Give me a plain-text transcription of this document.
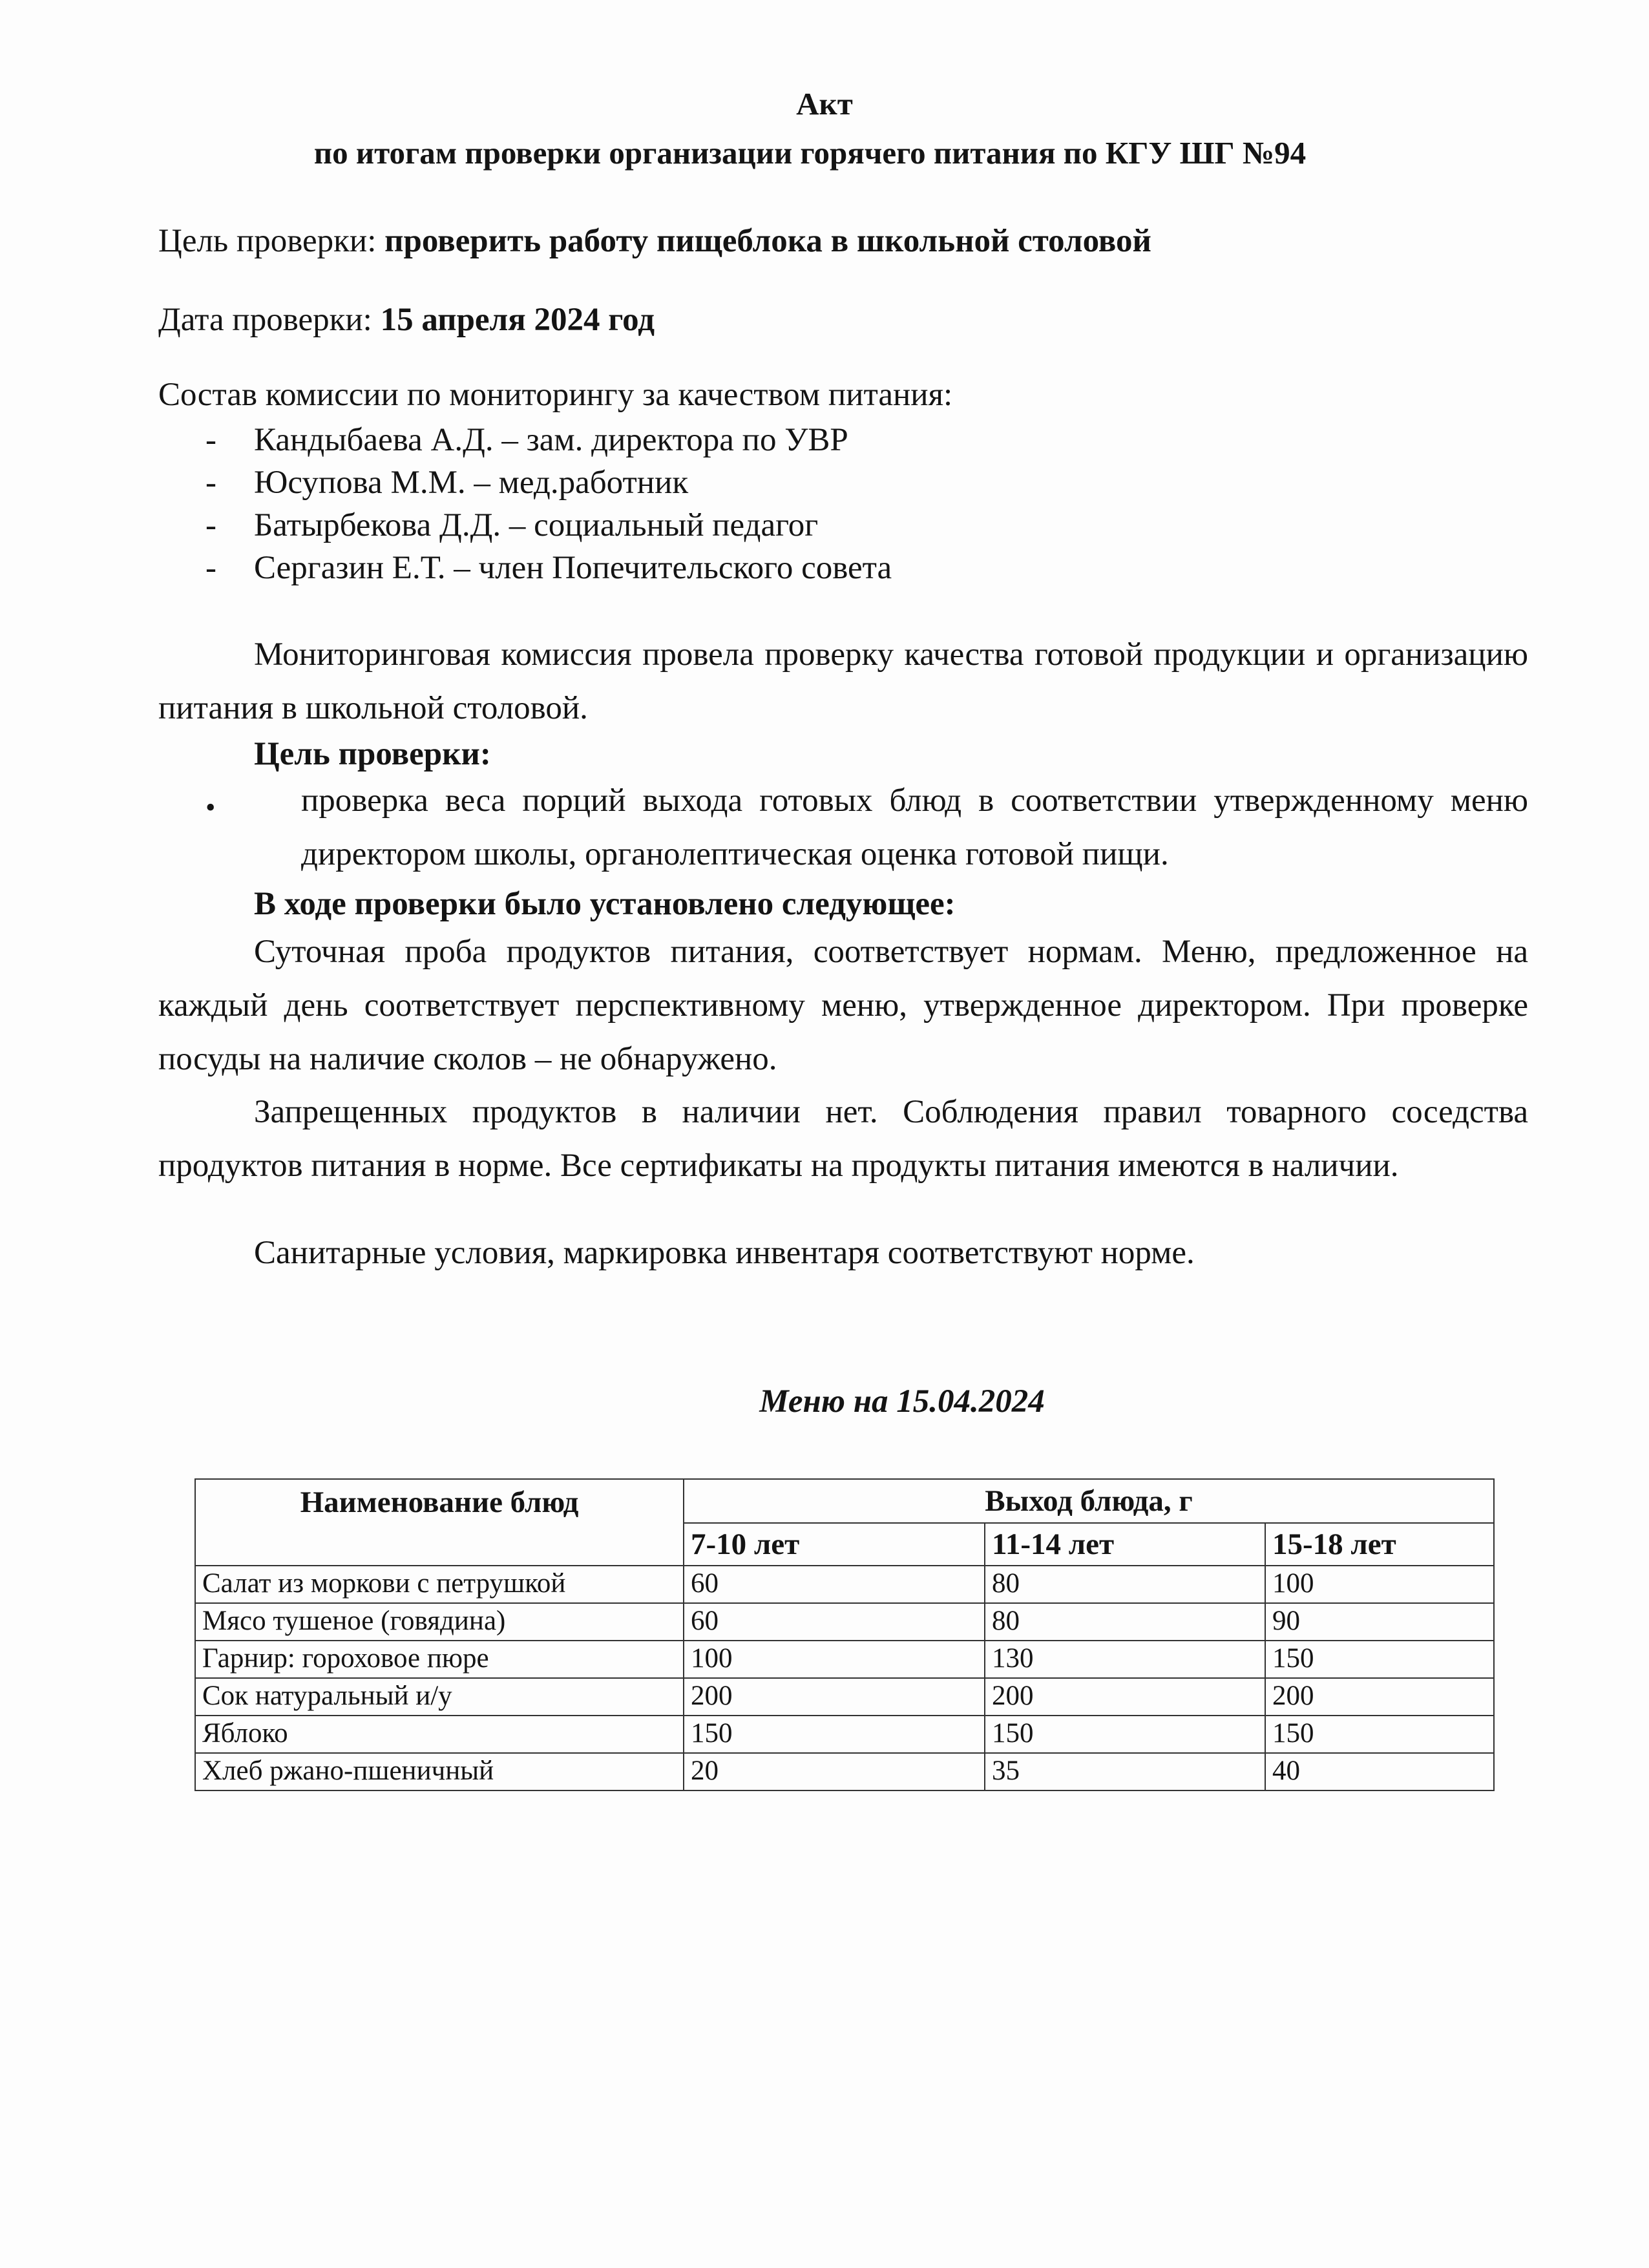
Акт
по итогам проверки организации горячего питания по КГУ ШГ №94
Цель проверки: проверить работу пищеблока в школьной столовой
Дата проверки: 15 апреля 2024 год
Состав комиссии по мониторингу за качеством питания:
- Кандыбаева А.Д. – зам. директора по УВР
- Юсупова М.М. – мед.работник
- Батырбекова Д.Д. – социальный педагог
- Сергазин Е.Т. – член Попечительского совета

Мониторинговая комиссия провела проверку качества готовой продукции и организацию питания в школьной столовой.

Цель проверки:
•	проверка веса порций выхода готовых блюд в соответствии утвержденному меню директором школы, органолептическая оценка готовой пищи.

В ходе проверки было установлено следующее:

Суточная проба продуктов питания, соответствует нормам. Меню, предложенное на каждый день соответствует перспективному меню, утвержденное директором. При проверке посуды на наличие сколов – не обнаружено.

Запрещенных продуктов в наличии нет. Соблюдения правил товарного соседства продуктов питания в норме. Все сертификаты на продукты питания имеются в наличии.

Санитарные условия, маркировка инвентаря соответствуют норме.

Меню на 15.04.2024
Наименование блюд	Выход блюда, г		
	7-10 лет	11-14 лет	15-18 лет
Салат из моркови с петрушкой	60	80	100
Мясо тушеное (говядина)	60	80	90
Гарнир: гороховое пюре	100	130	150
Сок натуральный и/у	200	200	200
Яблоко	150	150	150
Хлеб ржано-пшеничный	20	35	40
